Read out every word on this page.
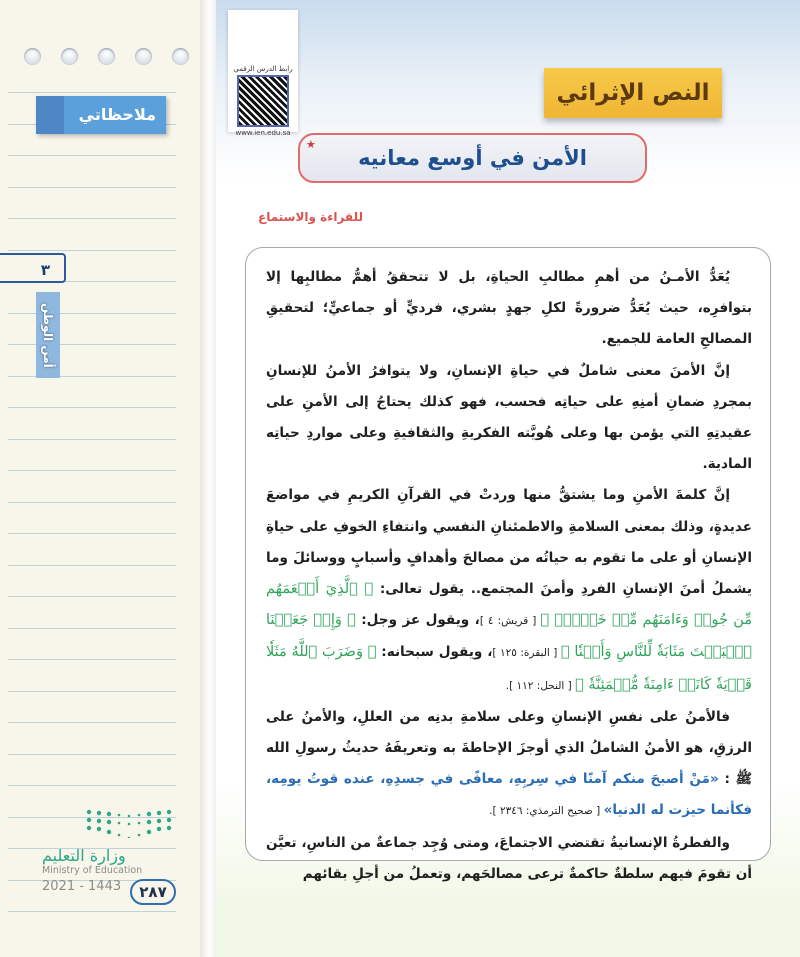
ملاحظاتي
٣
أمن الوطن
وزارة التعليم
Ministry of Education
2021 - 1443	٢٨٧
رابط الدرس الرقمي
www.ien.edu.sa
النص الإثرائي
الأمن في أوسع معانيه
★
للقراءة والاستماع

يُعَدُّ الأمـنُ من أهمِ مطالبِ الحياةِ، بل لا تتحققُ أهمُّ مطالبِها إلا بتوافرِه، حيث يُعَدُّ ضرورةً لكلِ جهدٍ بشري، فرديٍّ أو جماعيٍّ؛ لتحقيقِ المصالحِ العامة للجميع.

إنَّ الأمنَ معنى شاملٌ في حياةِ الإنسانِ، ولا يتوافرُ الأمنُ للإنسانِ بمجردِ ضمانِ أمنِهِ على حياتِه فحسب، فهو كذلك يحتاجُ إلى الأمنِ على عقيدتِهِ التي يؤمن بها وعلى هُويَّته الفكريةِ والثقافيةِ وعلى مواردِ حياتِه المادية.

إنَّ كلمةَ الأمنِ وما يشتقُّ منها وردتْ في القرآنِ الكريمِ في مواضعَ عديدةٍ، وذلك بمعنى السلامةِ والاطمئنانِ النفسي وانتفاءِ الخوفِ على حياةِ الإنسانِ أو على ما تقوم به حياتُه من مصالحَ وأهدافٍ وأسبابٍ ووسائلَ وما يشملُ أمنَ الإنسانِ الفردِ وأمنَ المجتمع.. يقول تعالى: ﴿ ٱلَّذِيٓ أَطۡعَمَهُم مِّن جُوعٖ وَءَامَنَهُم مِّنۡ خَوۡفِۭ ﴾ [ قريش: ٤ ]، ويقول عز وجل: ﴿ وَإِذۡ جَعَلۡنَا ٱلۡبَيۡتَ مَثَابَةٗ لِّلنَّاسِ وَأَمۡنٗا ﴾ [ البقرة: ١٢٥ ]، ويقول سبحانه: ﴿ وَضَرَبَ ٱللَّهُ مَثَلٗا قَرۡيَةٗ كَانَتۡ ءَامِنَةٗ مُّطۡمَئِنَّةٗ ﴾ [ النحل: ١١٢ ].

فالأمنُ على نفسِ الإنسانِ وعلى سلامةِ بدنِه من العللِ، والأمنُ على الرزقِ، هو الأمنُ الشاملُ الذي أوجزَ الإحاطةَ به وتعريفَهُ حديثُ رسولِ الله ﷺ : «مَنْ أصبحَ منكم آمنًا في سِربِهِ، معافًى في جسدِهِ، عنده قوتُ يومِه، فكأنما حيزت له الدنيا» [ صحيح الترمذي: ٢٣٤٦ ].

والفطرةُ الإنسانيةُ تقتضي الاجتماعَ، ومتى وُجِد جماعةٌ من الناسِ، تعيَّن أن تقومَ فيهم سلطةٌ حاكمةٌ ترعى مصالحَهم، وتعملُ من أجلِ بقائهم
